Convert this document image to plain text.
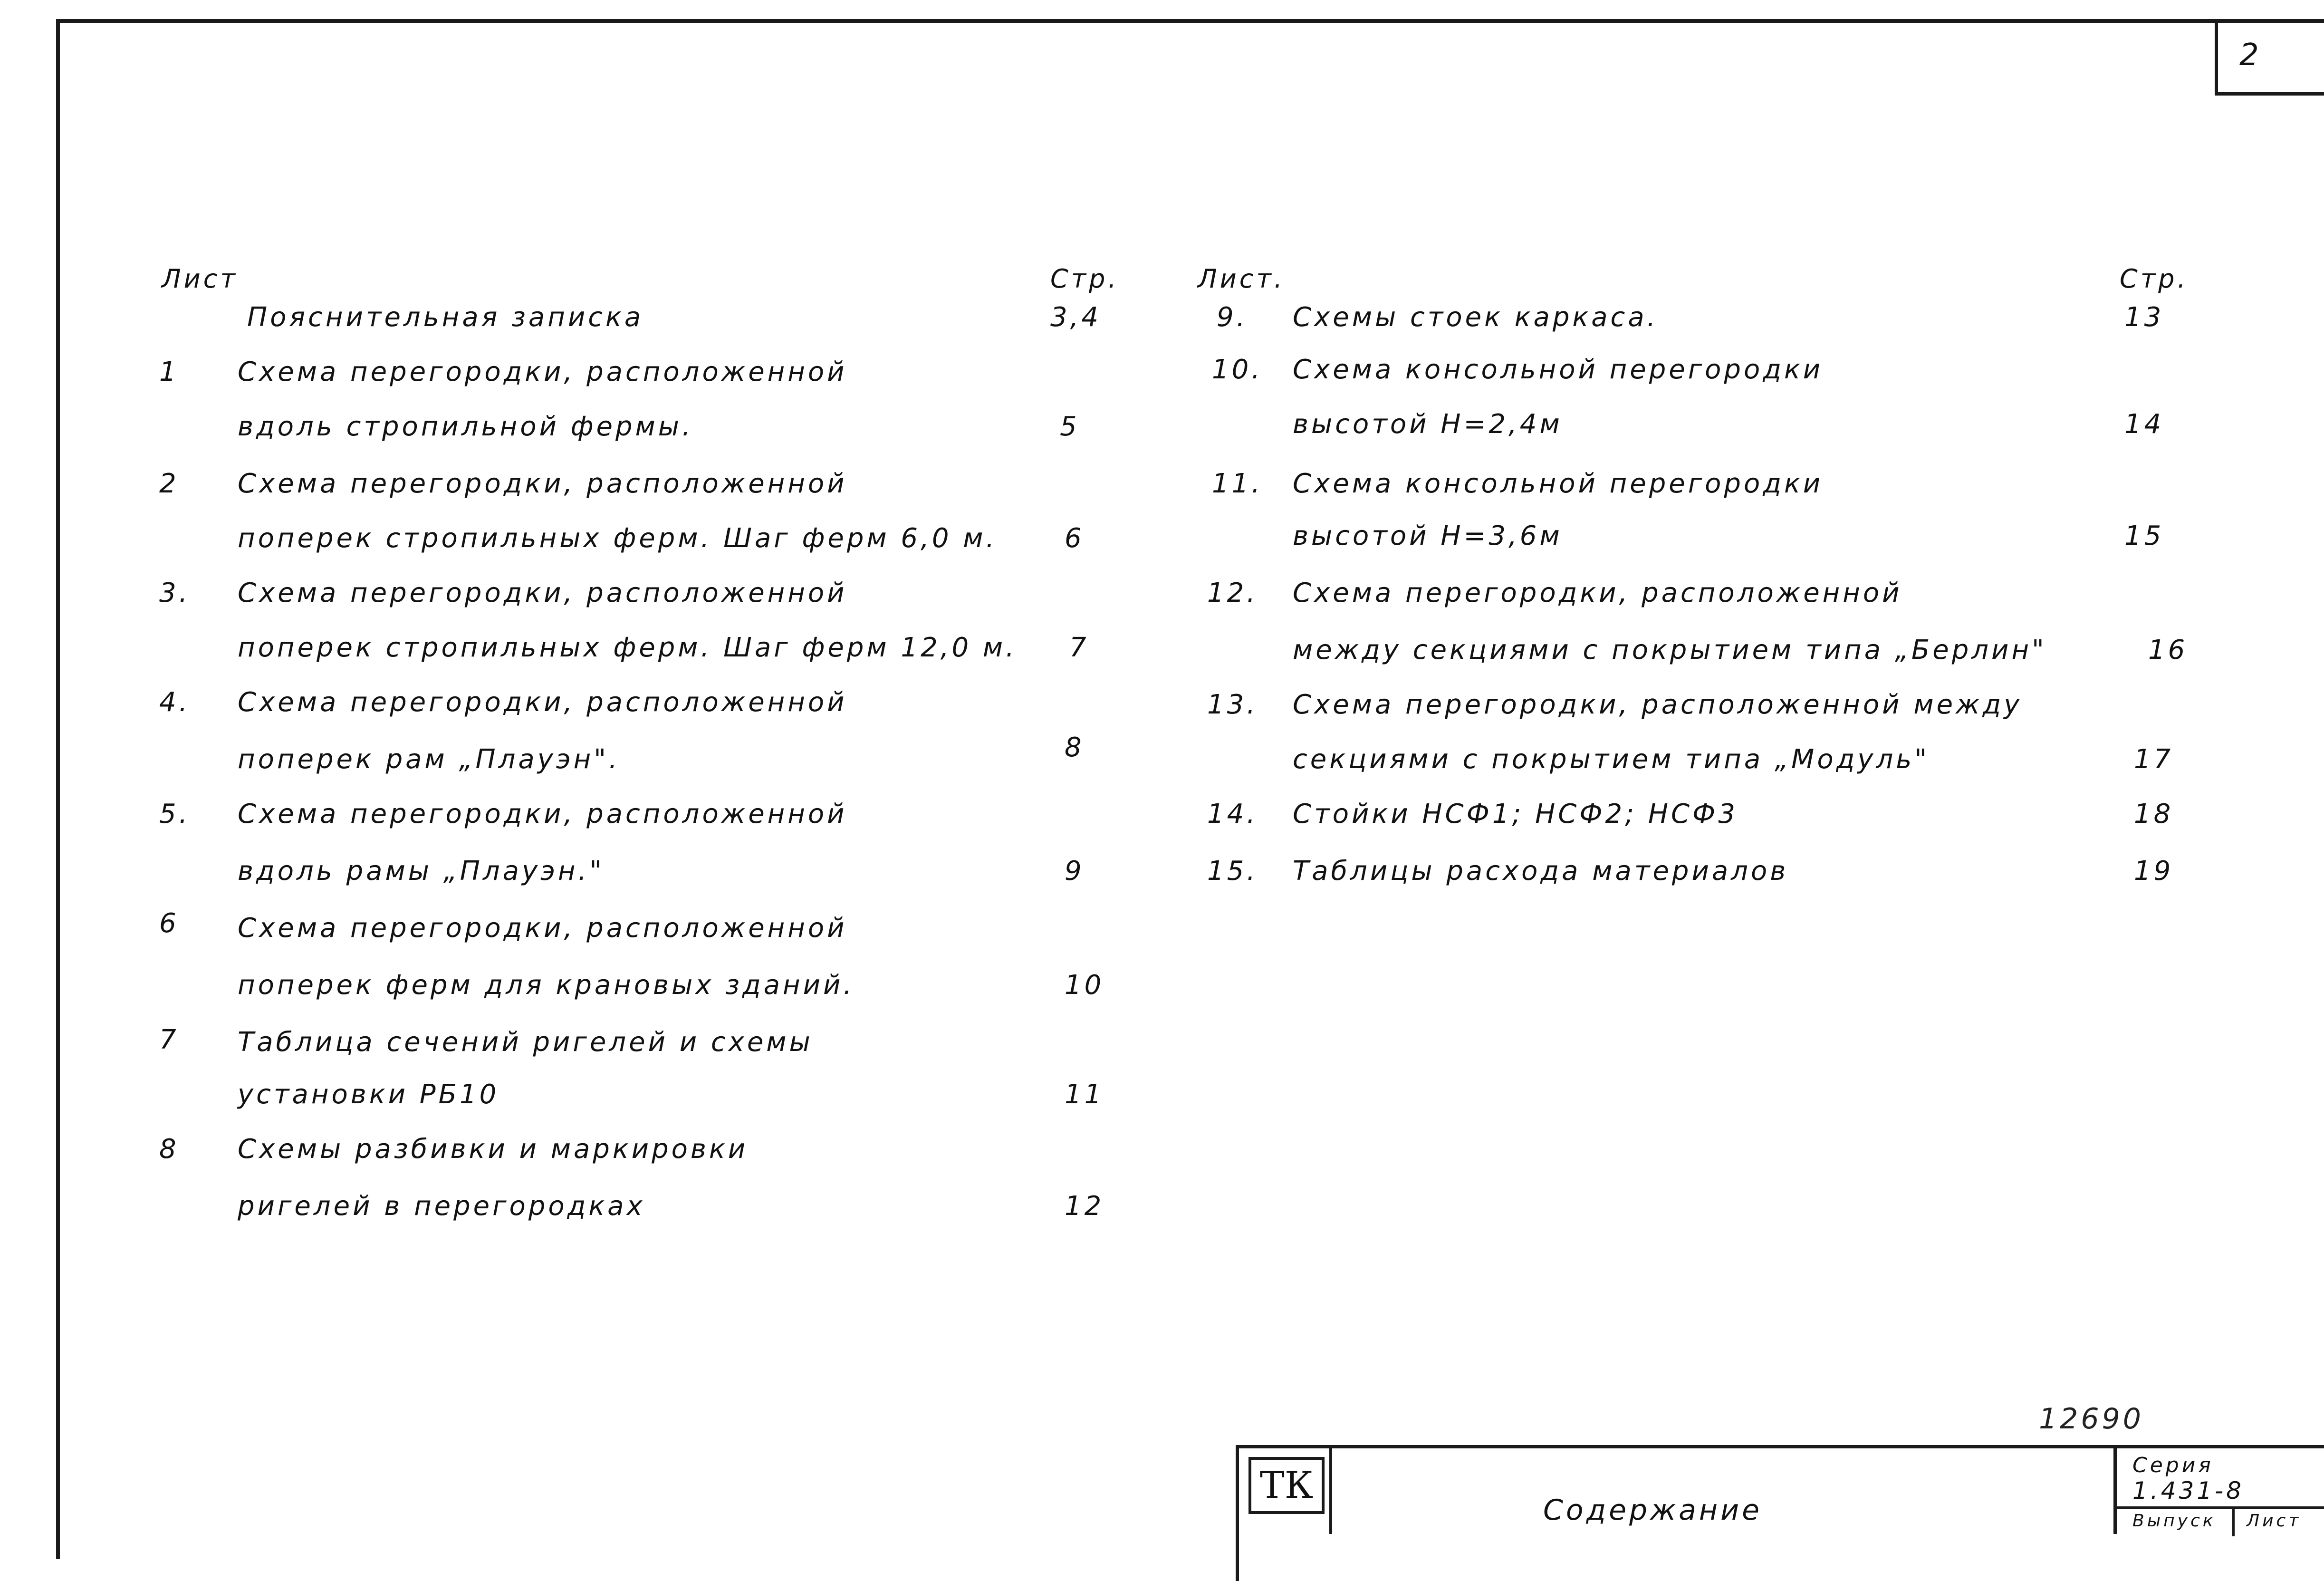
2
Лист	Стр.
Пояснительная записка	3,4
1 Схема перегородки, расположенной
вдоль стропильной фермы.	5
2 Схема перегородки, расположенной
поперек стропильных ферм. Шаг ферм 6,0 м.	6
3. Схема перегородки, расположенной
поперек стропильных ферм. Шаг ферм 12,0 м. 7
4. Схема перегородки, расположенной
поперек рам „Плауэн".	8
5. Схема перегородки, расположенной
вдоль рамы „Плауэн."	9
6 Схема перегородки, расположенной
поперек ферм для крановых зданий.	10
7 Таблица сечений ригелей и схемы
установки РБ10	11
8 Схемы разбивки и маркировки
ригелей в перегородках	12
Лист.	Стр.
9. Схемы стоек каркаса.	13
10. Схема консольной перегородки
высотой Н=2,4м	14
11. Схема консольной перегородки
высотой Н=3,6м	15
12. Схема перегородки, расположенной
между секциями с покрытием типа „Берлин"	16
13. Схема перегородки, расположенной между
секциями с покрытием типа „Модуль"	17
14. Стойки НСФ1; НСФ2; НСФ3	18
15. Таблицы расхода материалов	19
12690
ТК
Содержание
Серия
1.431-8
Выпуск Лист
